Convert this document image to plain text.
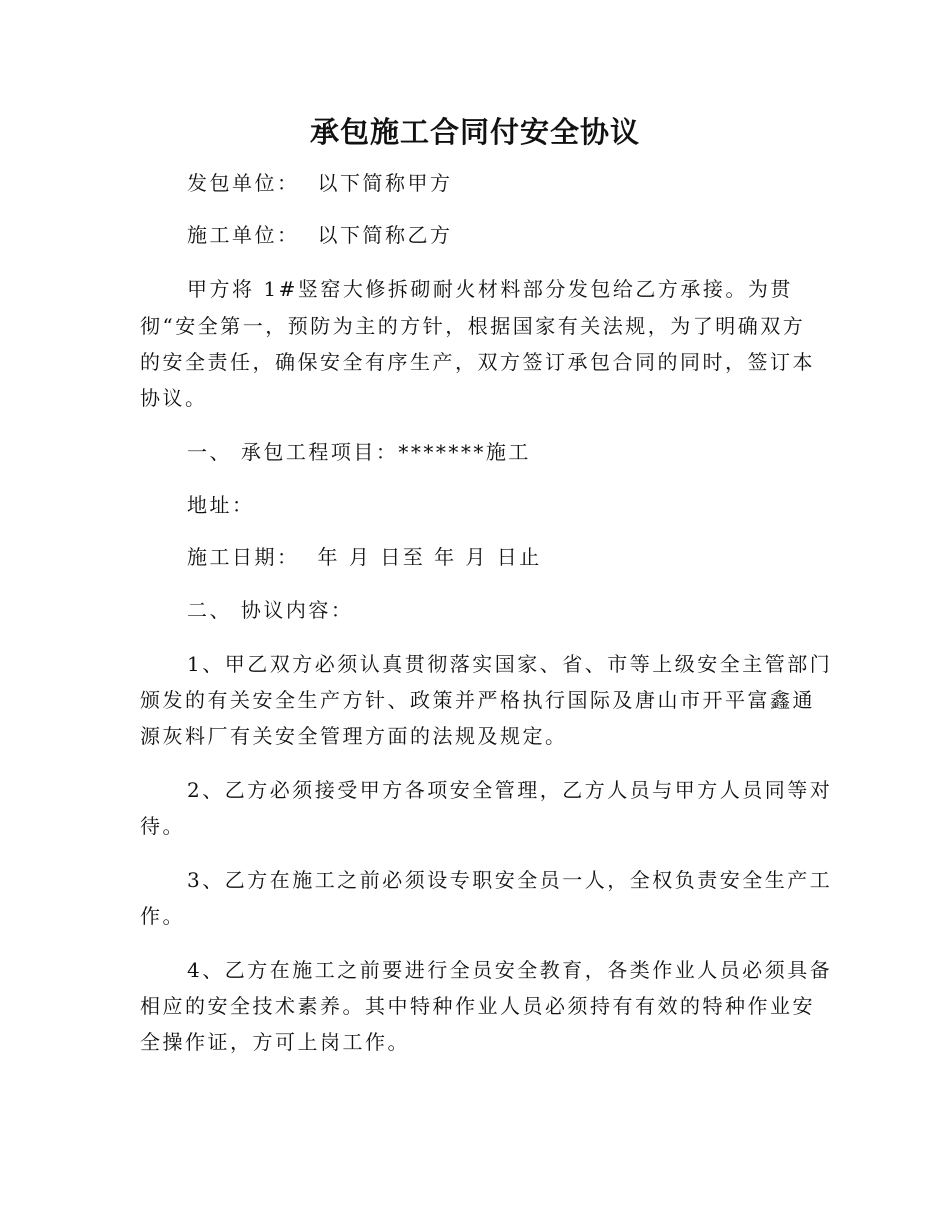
承包施工合同付安全协议
发包单位： 以下简称甲方
施工单位： 以下简称乙方
甲方将 1#竖窑大修拆砌耐火材料部分发包给乙方承接。为贯
彻“安全第一，预防为主的方针，根据国家有关法规，为了明确双方
的安全责任，确保安全有序生产，双方签订承包合同的同时，签订本
协议。
一、 承包工程项目：*******施工
地址：
施工日期： 年 月 日至 年 月 日止
二、 协议内容：
1、甲乙双方必须认真贯彻落实国家、省、市等上级安全主管部门
颁发的有关安全生产方针、政策并严格执行国际及唐山市开平富鑫通
源灰料厂有关安全管理方面的法规及规定。
2、乙方必须接受甲方各项安全管理，乙方人员与甲方人员同等对
待。
3、乙方在施工之前必须设专职安全员一人，全权负责安全生产工
作。
4、乙方在施工之前要进行全员安全教育，各类作业人员必须具备
相应的安全技术素养。其中特种作业人员必须持有有效的特种作业安
全操作证，方可上岗工作。
